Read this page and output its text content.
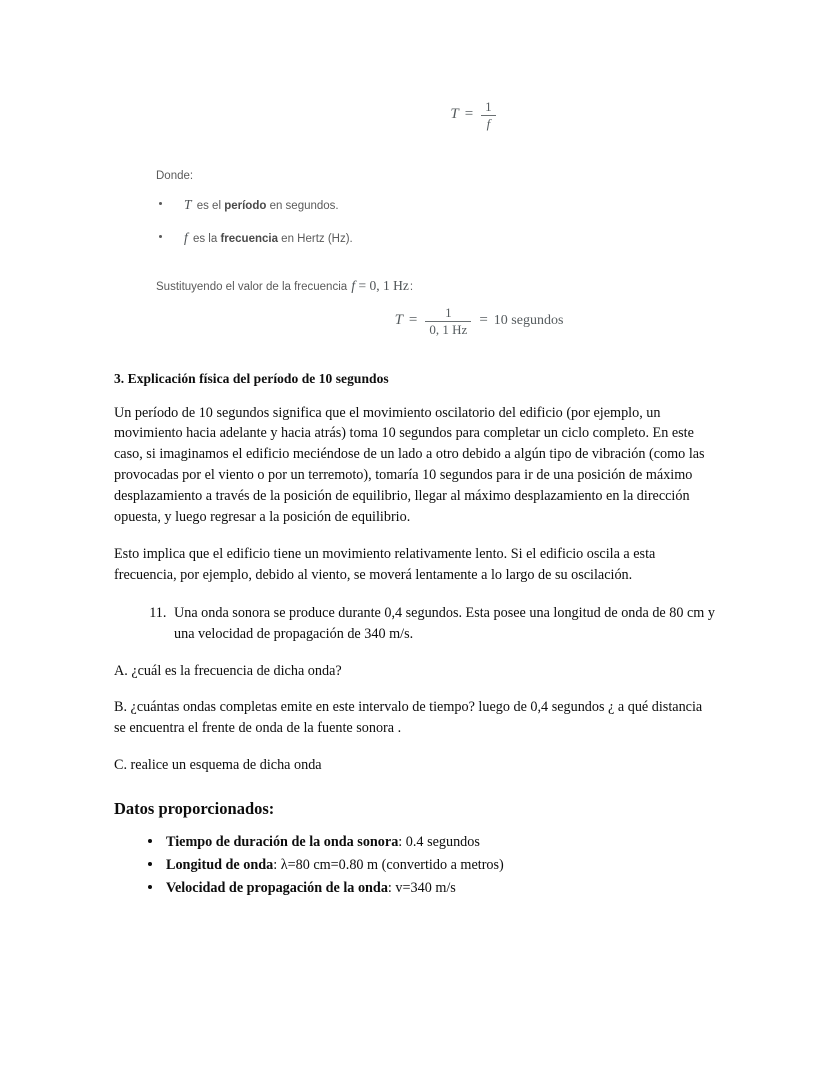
$T = \frac{1}{f}$
Donde:
T es el período en segundos.
f es la frecuencia en Hertz (Hz).
Sustituyendo el valor de la frecuencia f = 0, 1 Hz:
$T = \frac{1}{0, 1 Hz} = 10$ segundos
3. Explicación física del período de 10 segundos

Un período de 10 segundos significa que el movimiento oscilatorio del edificio (por ejemplo, un movimiento hacia adelante y hacia atrás) toma 10 segundos para completar un ciclo completo. En este caso, si imaginamos el edificio meciéndose de un lado a otro debido a algún tipo de vibración (como las provocadas por el viento o por un terremoto), tomaría 10 segundos para ir de una posición de máximo desplazamiento a través de la posición de equilibrio, llegar al máximo desplazamiento en la dirección opuesta, y luego regresar a la posición de equilibrio.

Esto implica que el edificio tiene un movimiento relativamente lento. Si el edificio oscila a esta frecuencia, por ejemplo, debido al viento, se moverá lentamente a lo largo de su oscilación.

11. Una onda sonora se produce durante 0,4 segundos. Esta posee una longitud de onda de 80 cm y una velocidad de propagación de 340 m/s.

A. ¿cuál es la frecuencia de dicha onda?

B. ¿cuántas ondas completas emite en este intervalo de tiempo? luego de 0,4 segundos ¿ a qué distancia se encuentra el frente de onda de la fuente sonora .

C. realice un esquema de dicha onda

Datos proporcionados:
Tiempo de duración de la onda sonora: 0.4 segundos
Longitud de onda: λ=80 cm=0.80 m (convertido a metros)
Velocidad de propagación de la onda: v=340 m/s
